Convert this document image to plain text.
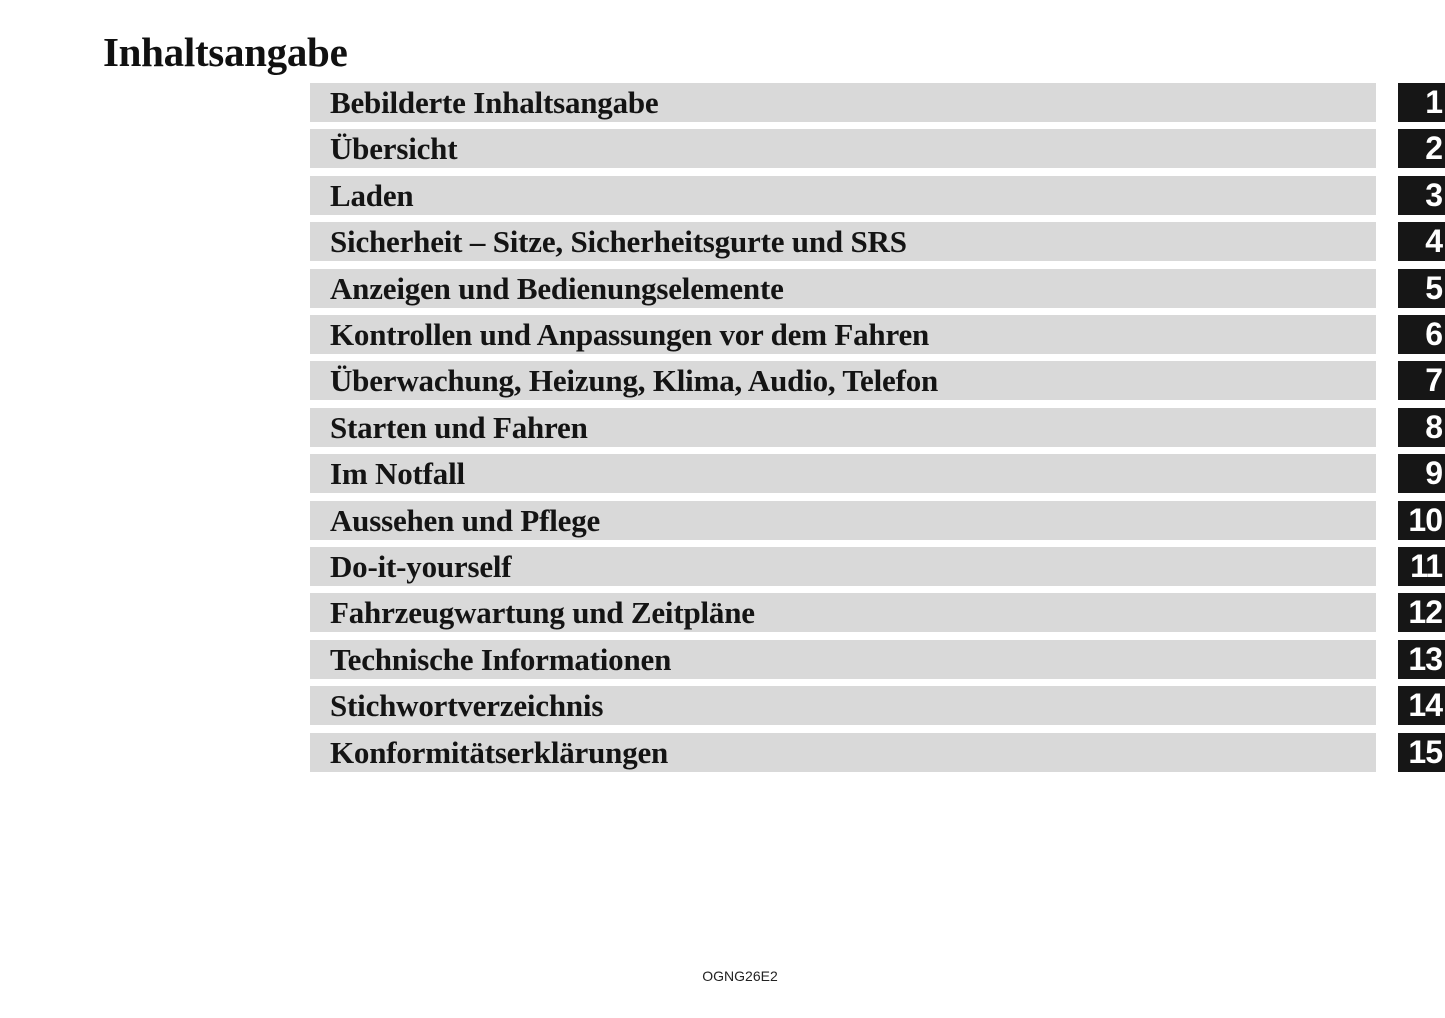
Inhaltsangabe
Bebilderte Inhaltsangabe	1
Übersicht	2
Laden	3
Sicherheit – Sitze, Sicherheitsgurte und SRS	4
Anzeigen und Bedienungselemente	5
Kontrollen und Anpassungen vor dem Fahren	6
Überwachung, Heizung, Klima, Audio, Telefon	7
Starten und Fahren	8
Im Notfall	9
Aussehen und Pflege	10
Do-it-yourself	11
Fahrzeugwartung und Zeitpläne	12
Technische Informationen	13
Stichwortverzeichnis	14
Konformitätserklärungen	15
OGNG26E2
